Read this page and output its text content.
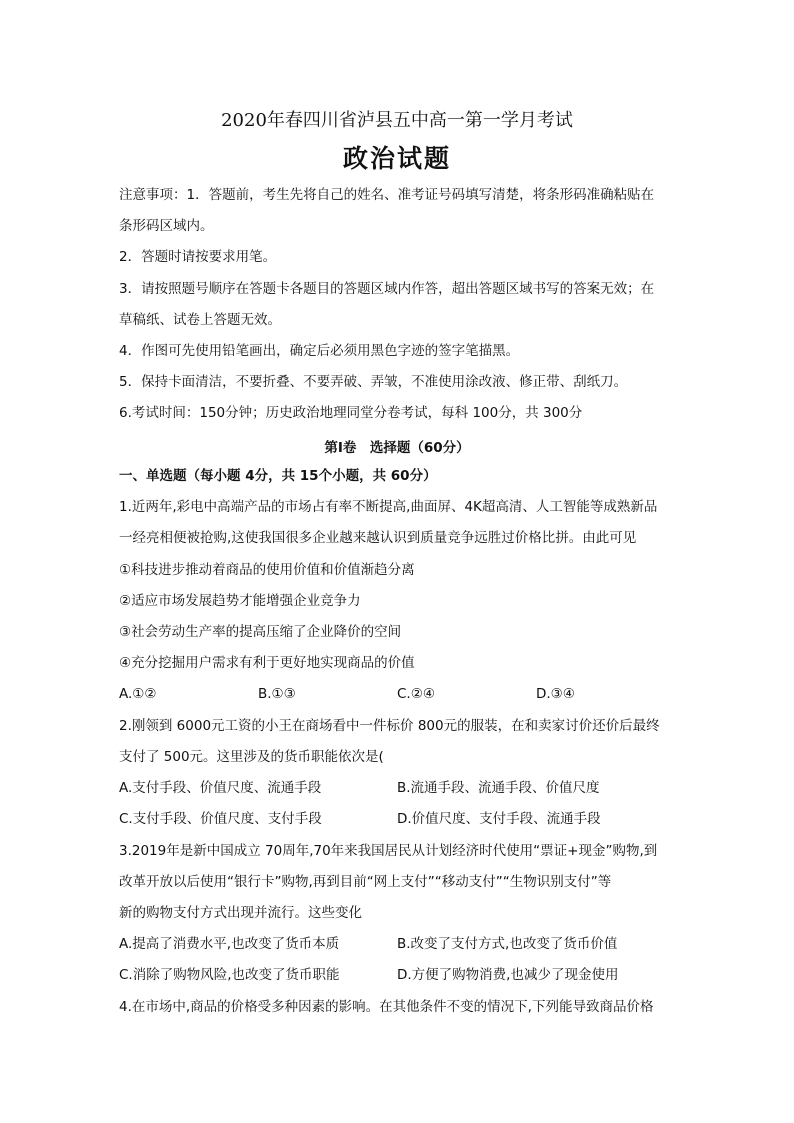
2020年春四川省泸县五中高一第一学月考试
政治试题
注意事项：1．答题前，考生先将自己的姓名、准考证号码填写清楚，将条形码准确粘贴在
条形码区域内。
2．答题时请按要求用笔。
3．请按照题号顺序在答题卡各题目的答题区域内作答，超出答题区域书写的答案无效；在
草稿纸、试卷上答题无效。
4．作图可先使用铅笔画出，确定后必须用黑色字迹的签字笔描黑。
5．保持卡面清洁，不要折叠、不要弄破、弄皱，不准使用涂改液、修正带、刮纸刀。
6.考试时间：150分钟；历史政治地理同堂分卷考试，每科 100分，共 300分
第Ⅰ卷　选择题（60分）
一、单选题（每小题 4分，共 15个小题，共 60分）
1.近两年,彩电中高端产品的市场占有率不断提高,曲面屏、4K超高清、人工智能等成熟新品
一经亮相便被抢购,这使我国很多企业越来越认识到质量竞争远胜过价格比拼。由此可见
①科技进步推动着商品的使用价值和价值渐趋分离
②适应市场发展趋势才能增强企业竞争力
③社会劳动生产率的提高压缩了企业降价的空间
④充分挖掘用户需求有利于更好地实现商品的价值
A.①②	B.①③	C.②④	D.③④
2.刚领到 6000元工资的小王在商场看中一件标价 800元的服装，在和卖家讨价还价后最终
支付了 500元。这里涉及的货币职能依次是(
A.支付手段、价值尺度、流通手段	B.流通手段、流通手段、价值尺度
C.支付手段、价值尺度、支付手段	D.价值尺度、支付手段、流通手段
3.2019年是新中国成立 70周年,70年来我国居民从计划经济时代使用“票证+现金”购物,到
改革开放以后使用“银行卡”购物,再到目前“网上支付”“移动支付”“生物识别支付”等
新的购物支付方式出现并流行。这些变化
A.提高了消费水平,也改变了货币本质	B.改变了支付方式,也改变了货币价值
C.消除了购物风险,也改变了货币职能	D.方便了购物消费,也减少了现金使用
4.在市场中,商品的价格受多种因素的影响。在其他条件不变的情况下,下列能导致商品价格
